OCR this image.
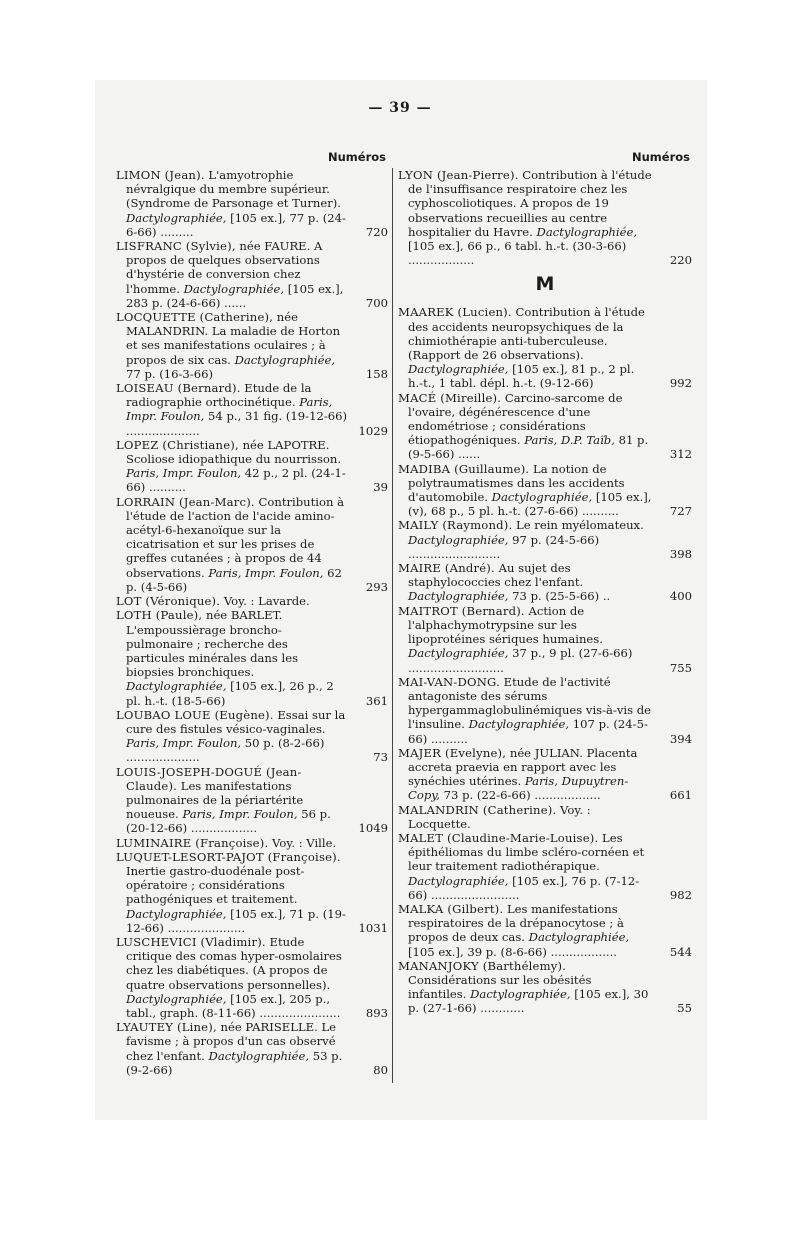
— 39 —
Numéros

LIMON (Jean). L'amyotrophie névralgique du membre supérieur. (Syndrome de Parsonage et Turner). Dactylographiée, [105 ex.], 77 p. (24-6-66) .........	720

LISFRANC (Sylvie), née FAURE. A propos de quelques observations d'hystérie de conversion chez l'homme. Dactylographiée, [105 ex.], 283 p. (24-6-66) ......	700

LOCQUETTE (Catherine), née MALANDRIN. La maladie de Horton et ses manifestations oculaires ; à propos de six cas. Dactylographiée, 77 p. (16-3-66)	158

LOISEAU (Bernard). Etude de la radiographie orthocinétique. Paris, Impr. Foulon, 54 p., 31 fig. (19-12-66) ....................	1029

LOPEZ (Christiane), née LAPOTRE. Scoliose idiopathique du nourrisson. Paris, Impr. Foulon, 42 p., 2 pl. (24-1-66) ..........	39

LORRAIN (Jean-Marc). Contribution à l'étude de l'action de l'acide amino-acétyl-6-hexanoïque sur la cicatrisation et sur les prises de greffes cutanées ; à propos de 44 observations. Paris, Impr. Foulon, 62 p. (4-5-66)	293

LOT (Véronique). Voy. : Lavarde.

LOTH (Paule), née BARLET. L'empoussièrage broncho-pulmonaire ; recherche des particules minérales dans les biopsies bronchiques. Dactylographiée, [105 ex.], 26 p., 2 pl. h.-t. (18-5-66)	361

LOUBAO LOUE (Eugène). Essai sur la cure des fistules vésico-vaginales. Paris, Impr. Foulon, 50 p. (8-2-66) ....................	73

LOUIS-JOSEPH-DOGUÉ (Jean-Claude). Les manifestations pulmonaires de la périartérite noueuse. Paris, Impr. Foulon, 56 p. (20-12-66) ..................	1049

LUMINAIRE (Françoise). Voy. : Ville.

LUQUET-LESORT-PAJOT (Françoise). Inertie gastro-duodénale post-opératoire ; considérations pathogéniques et traitement. Dactylographiée, [105 ex.], 71 p. (19-12-66) .....................	1031

LUSCHEVICI (Vladimir). Etude critique des comas hyper-osmolaires chez les diabétiques. (A propos de quatre observations personnelles). Dactylographiée, [105 ex.], 205 p., tabl., graph. (8-11-66) ...................... 893

LYAUTEY (Line), née PARISELLE. Le favisme ; à propos d'un cas observé chez l'enfant. Dactylographiée, 53 p. (9-2-66)	80

Numéros

LYON (Jean-Pierre). Contribution à l'étude de l'insuffisance respiratoire chez les cyphoscoliotiques. A propos de 19 observations recueillies au centre hospitalier du Havre. Dactylographiée, [105 ex.], 66 p., 6 tabl. h.-t. (30-3-66) ..................	220

M

MAAREK (Lucien). Contribution à l'étude des accidents neuropsychiques de la chimiothérapie anti-tuberculeuse. (Rapport de 26 observations). Dactylographiée, [105 ex.], 81 p., 2 pl. h.-t., 1 tabl. dépl. h.-t. (9-12-66)	992

MACÉ (Mireille). Carcino-sarcome de l'ovaire, dégénérescence d'une endométriose ; considérations étiopathogéniques. Paris, D.P. Taïb, 81 p. (9-5-66) ......	312

MADIBA (Guillaume). La notion de polytraumatismes dans les accidents d'automobile. Dactylographiée, [105 ex.], (v), 68 p., 5 pl. h.-t. (27-6-66) ..........	727

MAILY (Raymond). Le rein myélomateux. Dactylographiée, 97 p. (24-5-66) .........................	398

MAIRE (André). Au sujet des staphylococcies chez l'enfant. Dactylographiée, 73 p. (25-5-66) ..	400

MAITROT (Bernard). Action de l'alphachymotrypsine sur les lipoprotéines sériques humaines. Dactylographiée, 37 p., 9 pl. (27-6-66) ..........................	755

MAI-VAN-DONG. Etude de l'activité antagoniste des sérums hypergammaglobulinémiques vis-à-vis de l'insuline. Dactylographiée, 107 p. (24-5-66) ..........	394

MAJER (Evelyne), née JULIAN. Placenta accreta praevia en rapport avec les synéchies utérines. Paris, Dupuytren-Copy, 73 p. (22-6-66) ..................	661

MALANDRIN (Catherine). Voy. : Locquette.

MALET (Claudine-Marie-Louise). Les épithéliomas du limbe scléro-cornéen et leur traitement radiothérapique. Dactylographiée, [105 ex.], 76 p. (7-12-66) ........................	982

MALKA (Gilbert). Les manifestations respiratoires de la drépanocytose ; à propos de deux cas. Dactylographiée, [105 ex.], 39 p. (8-6-66) ..................	544

MANANJOKY (Barthélemy). Considérations sur les obésités infantiles. Dactylographiée, [105 ex.], 30 p. (27-1-66) ............	55
